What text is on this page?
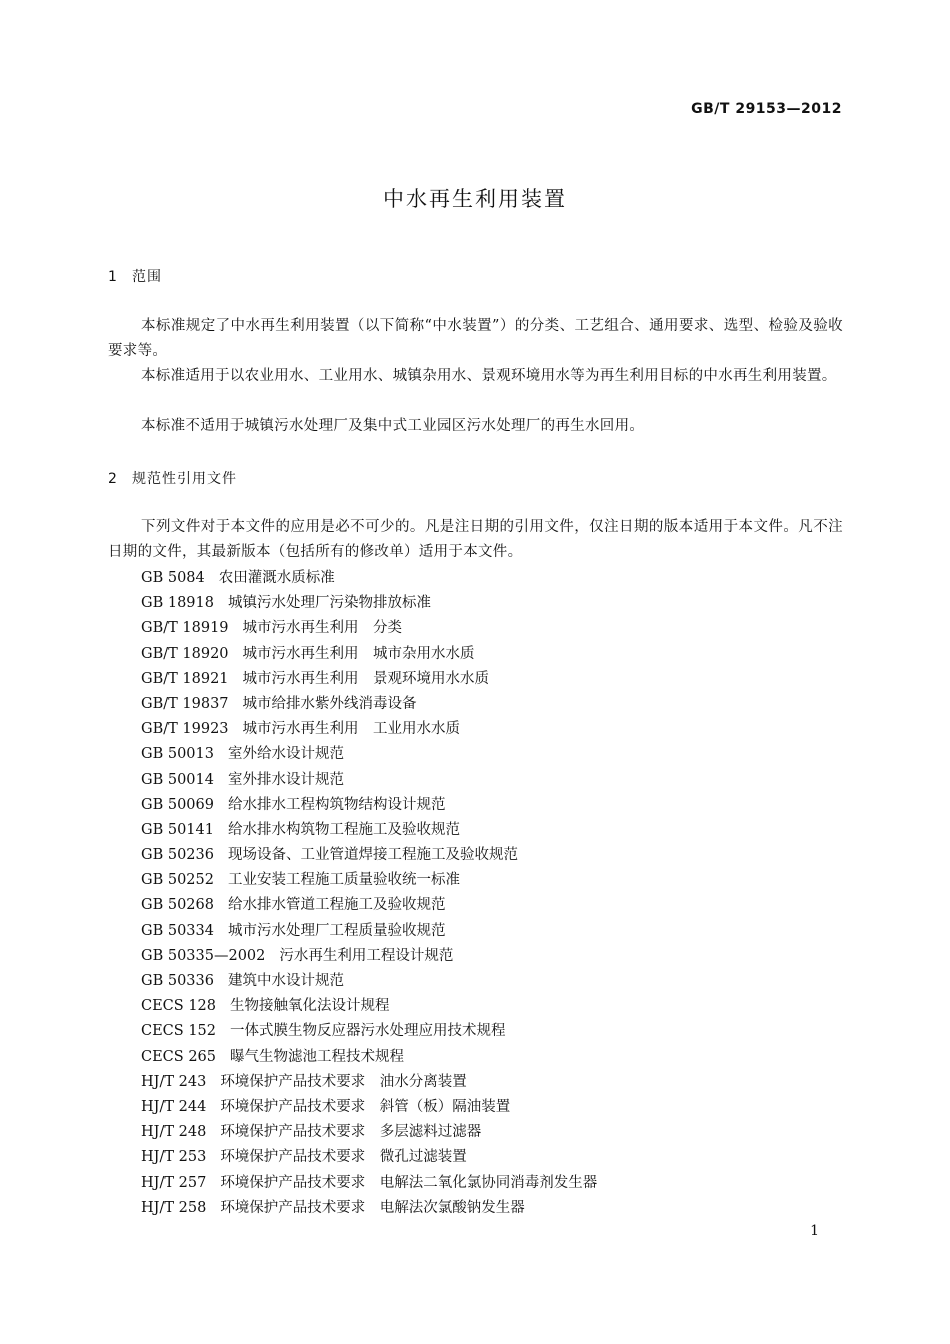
GB/T 29153—2012
中水再生利用装置
1 范围

本标准规定了中水再生利用装置（以下简称“中水装置”）的分类、工艺组合、通用要求、选型、检验及验收要求等。

本标准适用于以农业用水、工业用水、城镇杂用水、景观环境用水等为再生利用目标的中水再生利用装置。

本标准不适用于城镇污水处理厂及集中式工业园区污水处理厂的再生水回用。

2 规范性引用文件

下列文件对于本文件的应用是必不可少的。凡是注日期的引用文件，仅注日期的版本适用于本文件。凡不注日期的文件，其最新版本（包括所有的修改单）适用于本文件。

GB 5084 农田灌溉水质标准
GB 18918 城镇污水处理厂污染物排放标准
GB/T 18919 城市污水再生利用　分类
GB/T 18920 城市污水再生利用　城市杂用水水质
GB/T 18921 城市污水再生利用　景观环境用水水质
GB/T 19837 城市给排水紫外线消毒设备
GB/T 19923 城市污水再生利用　工业用水水质
GB 50013 室外给水设计规范
GB 50014 室外排水设计规范
GB 50069 给水排水工程构筑物结构设计规范
GB 50141 给水排水构筑物工程施工及验收规范
GB 50236 现场设备、工业管道焊接工程施工及验收规范
GB 50252 工业安装工程施工质量验收统一标准
GB 50268 给水排水管道工程施工及验收规范
GB 50334 城市污水处理厂工程质量验收规范
GB 50335—2002 污水再生利用工程设计规范
GB 50336 建筑中水设计规范
CECS 128 生物接触氧化法设计规程
CECS 152 一体式膜生物反应器污水处理应用技术规程
CECS 265 曝气生物滤池工程技术规程
HJ/T 243 环境保护产品技术要求　油水分离装置
HJ/T 244 环境保护产品技术要求　斜管（板）隔油装置
HJ/T 248 环境保护产品技术要求　多层滤料过滤器
HJ/T 253 环境保护产品技术要求　微孔过滤装置
HJ/T 257 环境保护产品技术要求　电解法二氧化氯协同消毒剂发生器
HJ/T 258 环境保护产品技术要求　电解法次氯酸钠发生器
1
